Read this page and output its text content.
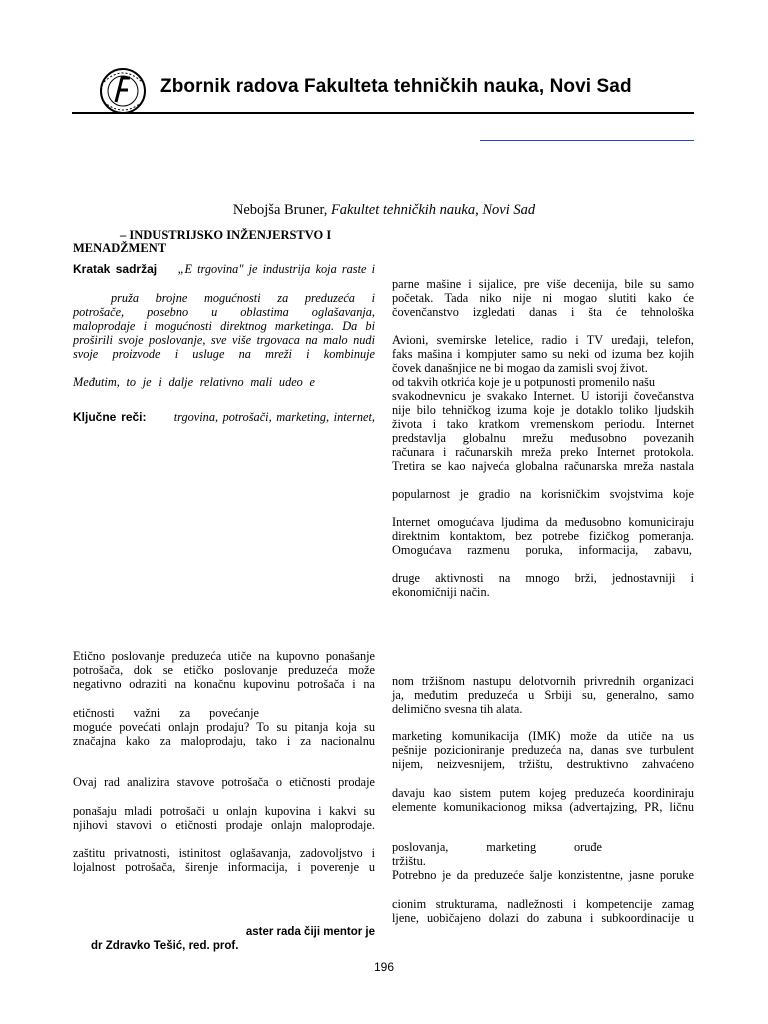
Zbornik radova Fakulteta tehničkih nauka, Novi Sad
Nebojša Bruner, Fakultet tehničkih nauka, Novi Sad
– INDUSTRIJSKO INŽENJERSTVO I
MENADŽMENT
Kratak sadržaj „E trgovina" je industrija koja raste i
pruža brojne mogućnosti za preduzeća i
potrošače, posebno u oblastima oglašavanja,
maloprodaje i mogućnosti direktnog marketinga. Da bi
proširili svoje poslovanje, sve više trgovaca na malo nudi
svoje proizvode i usluge na mreži i kombinuje
Međutim, to je i dalje relativno mali udeo e
Ključne reči: trgovina, potrošači, marketing, internet,
Etično poslovanje preduzeća utiče na kupovno ponašanje
potrošača, dok se etičko poslovanje preduzeća može
negativno odraziti na konačnu kupovinu potrošača i na
etičnosti važni za povećanje
moguće povećati onlajn prodaju? To su pitanja koja su
značajna kako za maloprodaju, tako i za nacionalnu
Ovaj rad analizira stavove potrošača o etičnosti prodaje
ponašaju mladi potrošači u onlajn kupovina i kakvi su
njihovi stavovi o etičnosti prodaje onlajn maloprodaje.
zaštitu privatnosti, istinitost oglašavanja, zadovoljstvo i
lojalnost potrošača, širenje informacija, i poverenje u
aster rada čiji mentor je
dr Zdravko Tešić, red. prof.
parne mašine i sijalice, pre više decenija, bile su samo
početak. Tada niko nije ni mogao slutiti kako će
čovenčanstvo izgledati danas i šta će tehnološka
Avioni, svemirske letelice, radio i TV uređaji, telefon,
faks mašina i kompjuter samo su neki od izuma bez kojih
čovek današnjice ne bi mogao da zamisli svoj život.
od takvih otkrića koje je u potpunosti promenilo našu
svakodnevnicu je svakako Internet. U istoriji čovečanstva
nije bilo tehničkog izuma koje je dotaklo toliko ljudskih
života i tako kratkom vremenskom periodu. Internet
predstavlja globalnu mrežu međusobno povezanih
računara i računarskih mreža preko Internet protokola.
Tretira se kao najveća globalna računarska mreža nastala
popularnost je gradio na korisničkim svojstvima koje
Internet omogućava ljudima da međusobno komuniciraju
direktnim kontaktom, bez potrebe fizičkog pomeranja.
Omogućava razmenu poruka, informacija, zabavu,
druge aktivnosti na mnogo brži, jednostavniji i
ekonomičniji način.
nom tržišnom nastupu delotvornih privrednih organizaci
ja, međutim preduzeća u Srbiji su, generalno, samo
delimično svesna tih alata.
marketing komunikacija (IMK) može da utiče na us
pešnije pozicioniranje preduzeća na, danas sve turbulent
nijem, neizvesnijem, tržištu, destruktivno zahvaćeno
davaju kao sistem putem kojeg preduzeća koordiniraju
elemente komunikacionog miksa (advertajzing, PR, ličnu
poslovanja, marketing oruđe
tržištu.
Potrebno je da preduzeće šalje konzistentne, jasne poruke
cionim strukturama, nadležnosti i kompetencije zamag
ljene, uobičajeno dolazi do zabuna i subkoordinacije u
196
